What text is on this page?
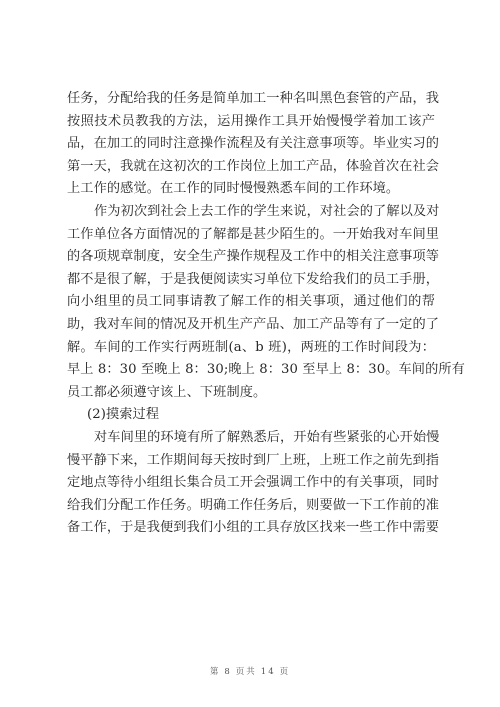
任务，分配给我的任务是简单加工一种名叫黑色套管的产品，我
按照技术员教我的方法，运用操作工具开始慢慢学着加工该产
品，在加工的同时注意操作流程及有关注意事项等。毕业实习的
第一天，我就在这初次的工作岗位上加工产品，体验首次在社会
上工作的感觉。在工作的同时慢慢熟悉车间的工作环境。
作为初次到社会上去工作的学生来说，对社会的了解以及对
工作单位各方面情况的了解都是甚少陌生的。一开始我对车间里
的各项规章制度，安全生产操作规程及工作中的相关注意事项等
都不是很了解，于是我便阅读实习单位下发给我们的员工手册，
向小组里的员工同事请教了解工作的相关事项，通过他们的帮
助，我对车间的情况及开机生产产品、加工产品等有了一定的了
解。车间的工作实行两班制(a、b 班)，两班的工作时间段为：
早上 8：30 至晚上 8：30;晚上 8：30 至早上 8：30。车间的所有
员工都必须遵守该上、下班制度。
(2)摸索过程
对车间里的环境有所了解熟悉后，开始有些紧张的心开始慢
慢平静下来，工作期间每天按时到厂上班，上班工作之前先到指
定地点等待小组组长集合员工开会强调工作中的有关事项，同时
给我们分配工作任务。明确工作任务后，则要做一下工作前的准
备工作，于是我便到我们小组的工具存放区找来一些工作中需要
第 8 页共 14 页
